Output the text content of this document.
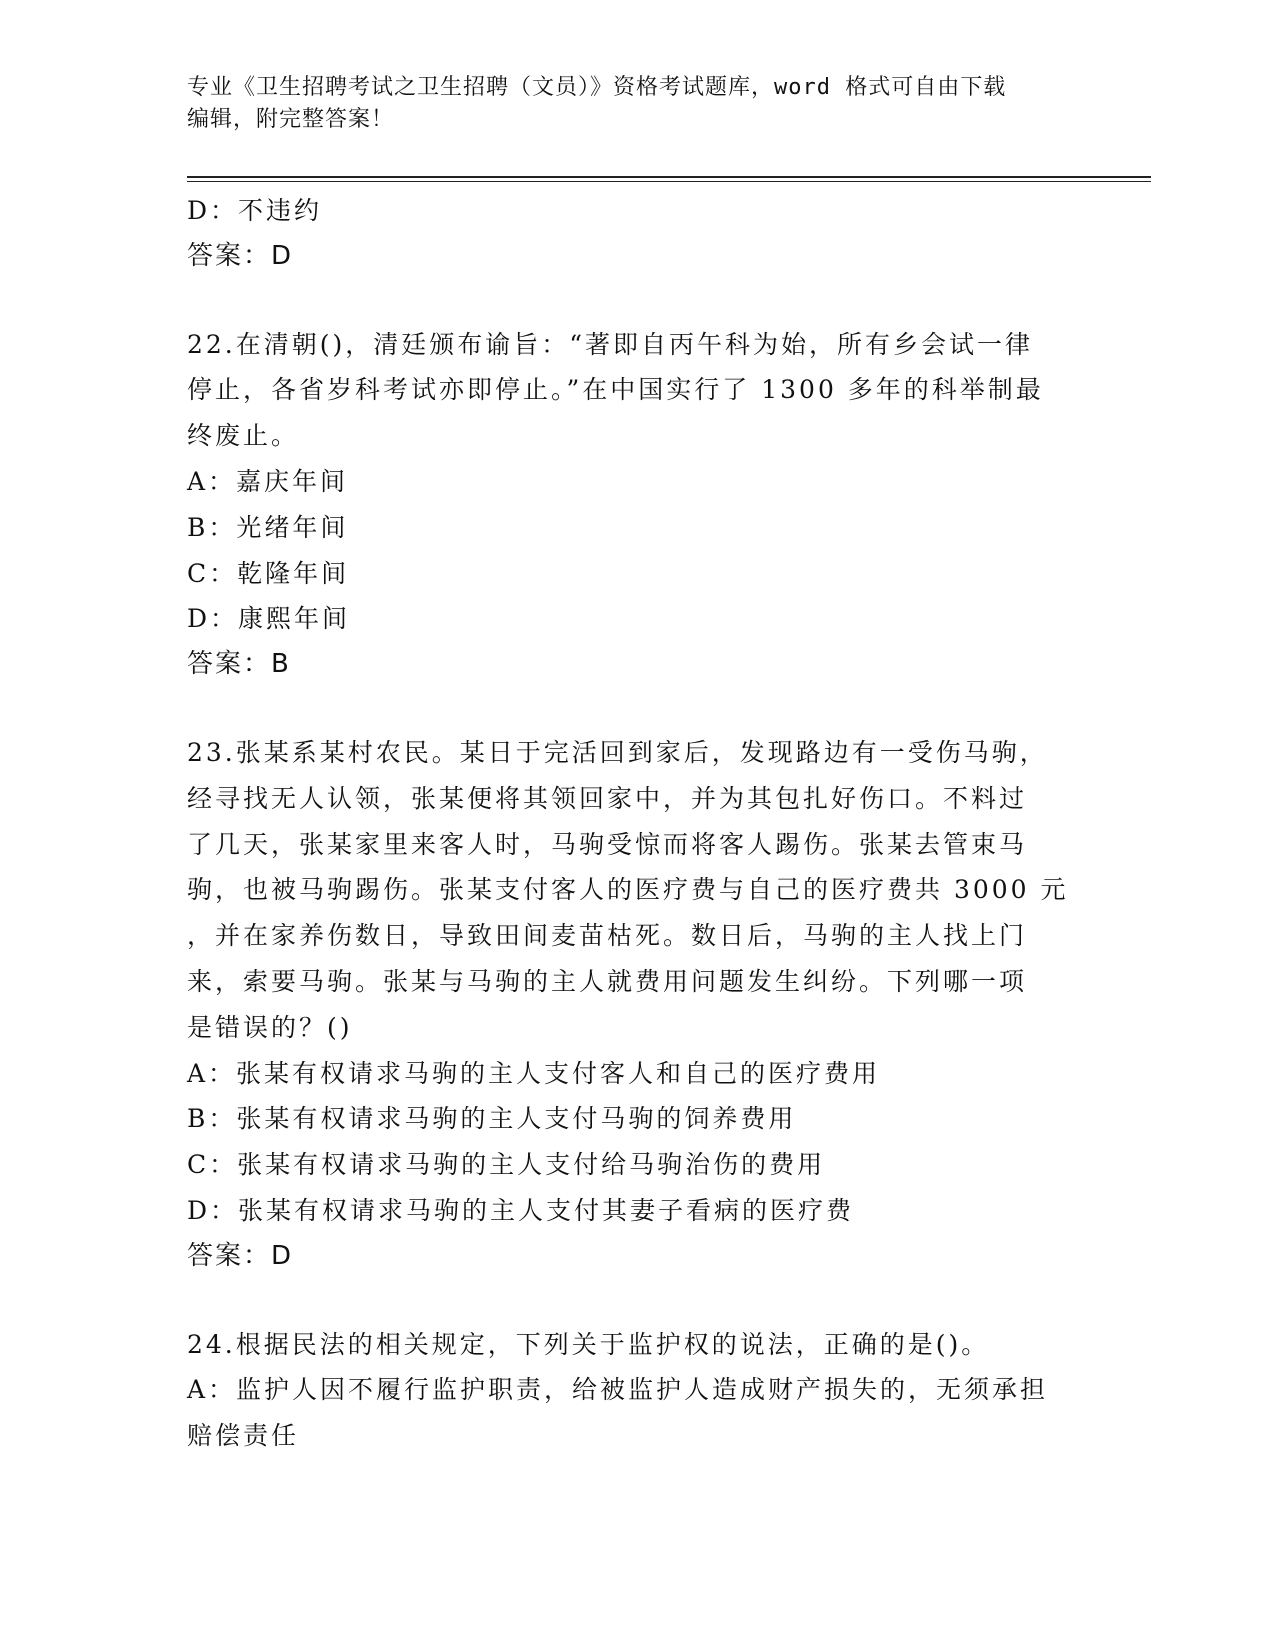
专业《卫生招聘考试之卫生招聘（文员）》资格考试题库，word 格式可自由下载
编辑，附完整答案！
D：不违约
答案：D
22.在清朝()，清廷颁布谕旨：“著即自丙午科为始，所有乡会试一律
停止，各省岁科考试亦即停止。”在中国实行了 1300 多年的科举制最
终废止。
A：嘉庆年间
B：光绪年间
C：乾隆年间
D：康熙年间
答案：B
23.张某系某村农民。某日于完活回到家后，发现路边有一受伤马驹，
经寻找无人认领，张某便将其领回家中，并为其包扎好伤口。不料过
了几天，张某家里来客人时，马驹受惊而将客人踢伤。张某去管束马
驹，也被马驹踢伤。张某支付客人的医疗费与自己的医疗费共 3000 元
，并在家养伤数日，导致田间麦苗枯死。数日后，马驹的主人找上门
来，索要马驹。张某与马驹的主人就费用问题发生纠纷。下列哪一项
是错误的？()
A：张某有权请求马驹的主人支付客人和自己的医疗费用
B：张某有权请求马驹的主人支付马驹的饲养费用
C：张某有权请求马驹的主人支付给马驹治伤的费用
D：张某有权请求马驹的主人支付其妻子看病的医疗费
答案：D
24.根据民法的相关规定，下列关于监护权的说法，正确的是()。
A：监护人因不履行监护职责，给被监护人造成财产损失的，无须承担
赔偿责任
